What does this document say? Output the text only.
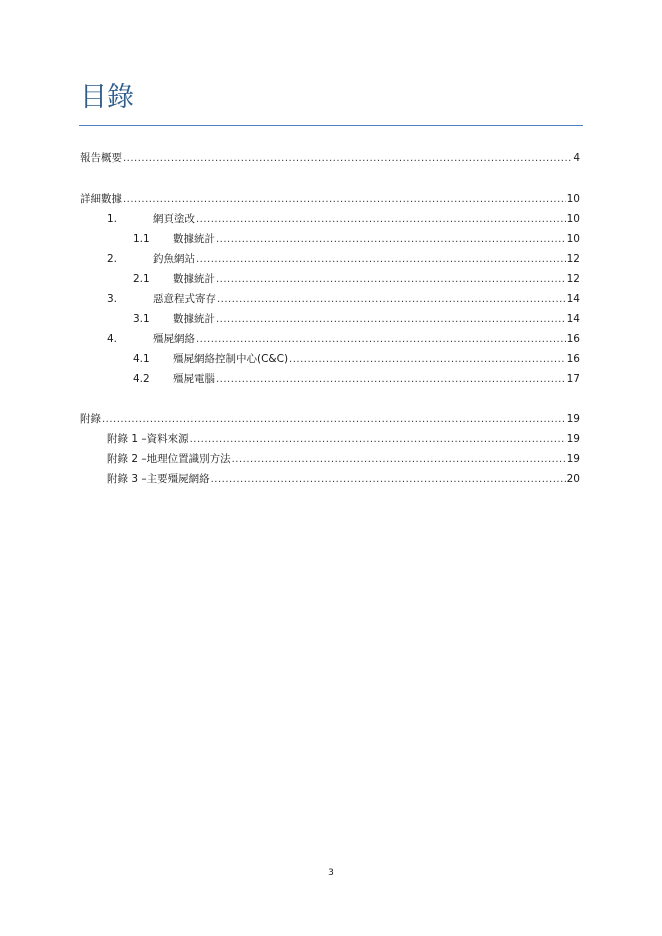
目錄
報告概要 .....	4
詳細數據 .....	10
1.	網頁塗改 .....	10
1.1	數據統計 .....	10
2.	釣魚網站 .....	12
2.1	數據統計 .....	12
3.	惡意程式寄存 .....	14
3.1	數據統計 .....	14
4.	殭屍網絡 .....	16
4.1	殭屍網絡控制中心(C&C) .....	16
4.2	殭屍電腦 .....	17
附錄 .....	19
附錄 1 –資料來源 .....	19
附錄 2 –地理位置識別方法 .....	19
附錄 3 –主要殭屍網絡 .....	20
3
